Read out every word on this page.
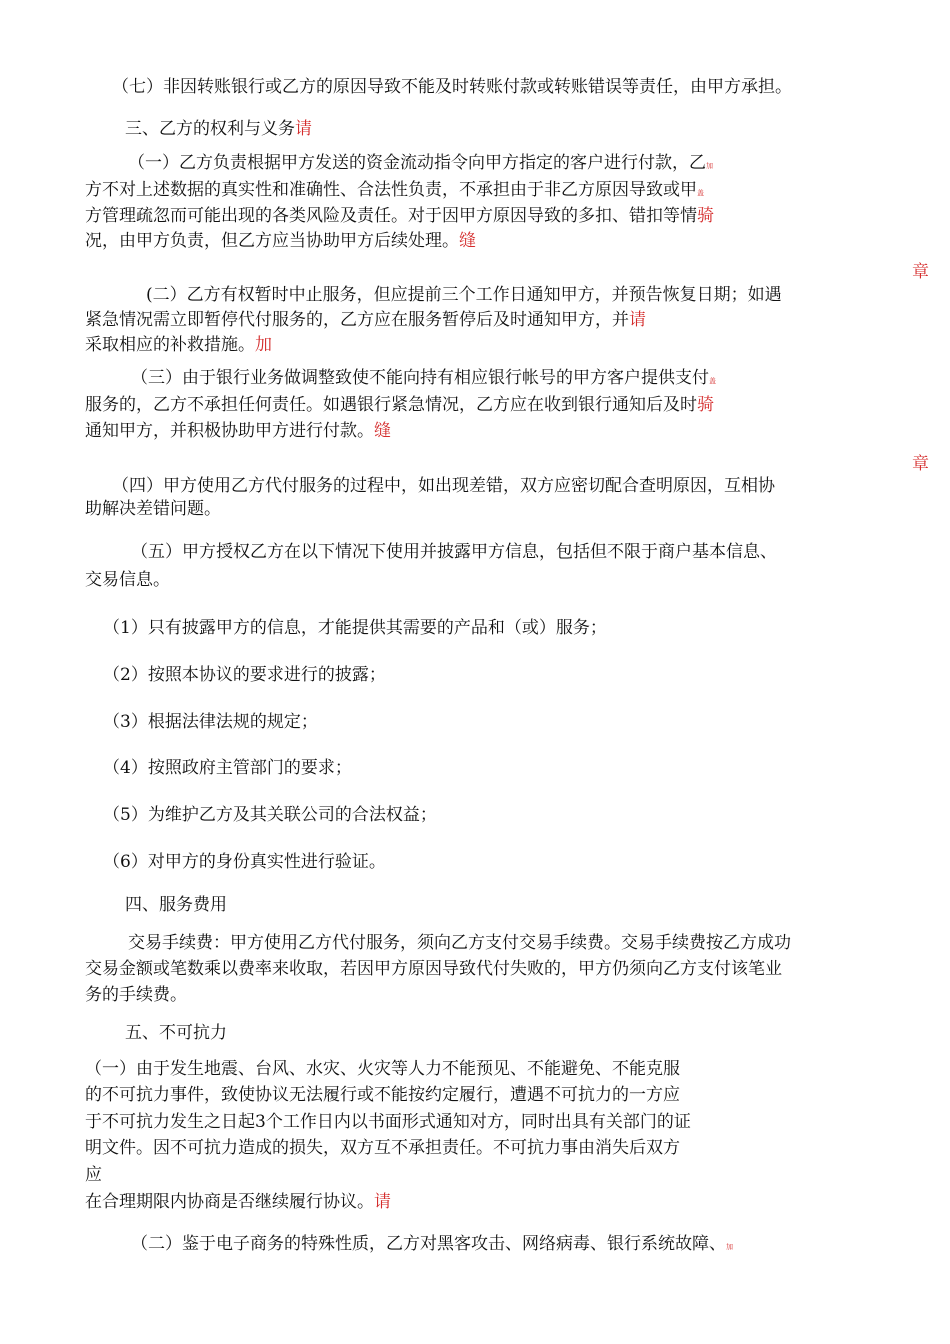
（七）非因转账银行或乙方的原因导致不能及时转账付款或转账错误等责任，由甲方承担。
三、乙方的权利与义务请
（一）乙方负责根据甲方发送的资金流动指令向甲方指定的客户进行付款，乙加
方不对上述数据的真实性和准确性、合法性负责，不承担由于非乙方原因导致或甲盖
方管理疏忽而可能出现的各类风险及责任。对于因甲方原因导致的多扣、错扣等情骑
况，由甲方负责，但乙方应当协助甲方后续处理。缝
章
(二）乙方有权暂时中止服务，但应提前三个工作日通知甲方，并预告恢复日期；如遇
紧急情况需立即暂停代付服务的，乙方应在服务暂停后及时通知甲方，并请
采取相应的补救措施。加
（三）由于银行业务做调整致使不能向持有相应银行帐号的甲方客户提供支付盖
服务的，乙方不承担任何责任。如遇银行紧急情况，乙方应在收到银行通知后及时骑
通知甲方，并积极协助甲方进行付款。缝
章
（四）甲方使用乙方代付服务的过程中，如出现差错，双方应密切配合查明原因，互相协
助解决差错问题。
（五）甲方授权乙方在以下情况下使用并披露甲方信息，包括但不限于商户基本信息、
交易信息。
（1）只有披露甲方的信息，才能提供其需要的产品和（或）服务；
（2）按照本协议的要求进行的披露；
（3）根据法律法规的规定；
（4）按照政府主管部门的要求；
（5）为维护乙方及其关联公司的合法权益；
（6）对甲方的身份真实性进行验证。
四、服务费用
交易手续费：甲方使用乙方代付服务，须向乙方支付交易手续费。交易手续费按乙方成功
交易金额或笔数乘以费率来收取，若因甲方原因导致代付失败的，甲方仍须向乙方支付该笔业
务的手续费。
五、不可抗力
（一）由于发生地震、台风、水灾、火灾等人力不能预见、不能避免、不能克服
的不可抗力事件，致使协议无法履行或不能按约定履行，遭遇不可抗力的一方应
于不可抗力发生之日起3个工作日内以书面形式通知对方，同时出具有关部门的证
明文件。因不可抗力造成的损失，双方互不承担责任。不可抗力事由消失后双方
应
在合理期限内协商是否继续履行协议。请
（二）鉴于电子商务的特殊性质，乙方对黑客攻击、网络病毒、银行系统故障、加
